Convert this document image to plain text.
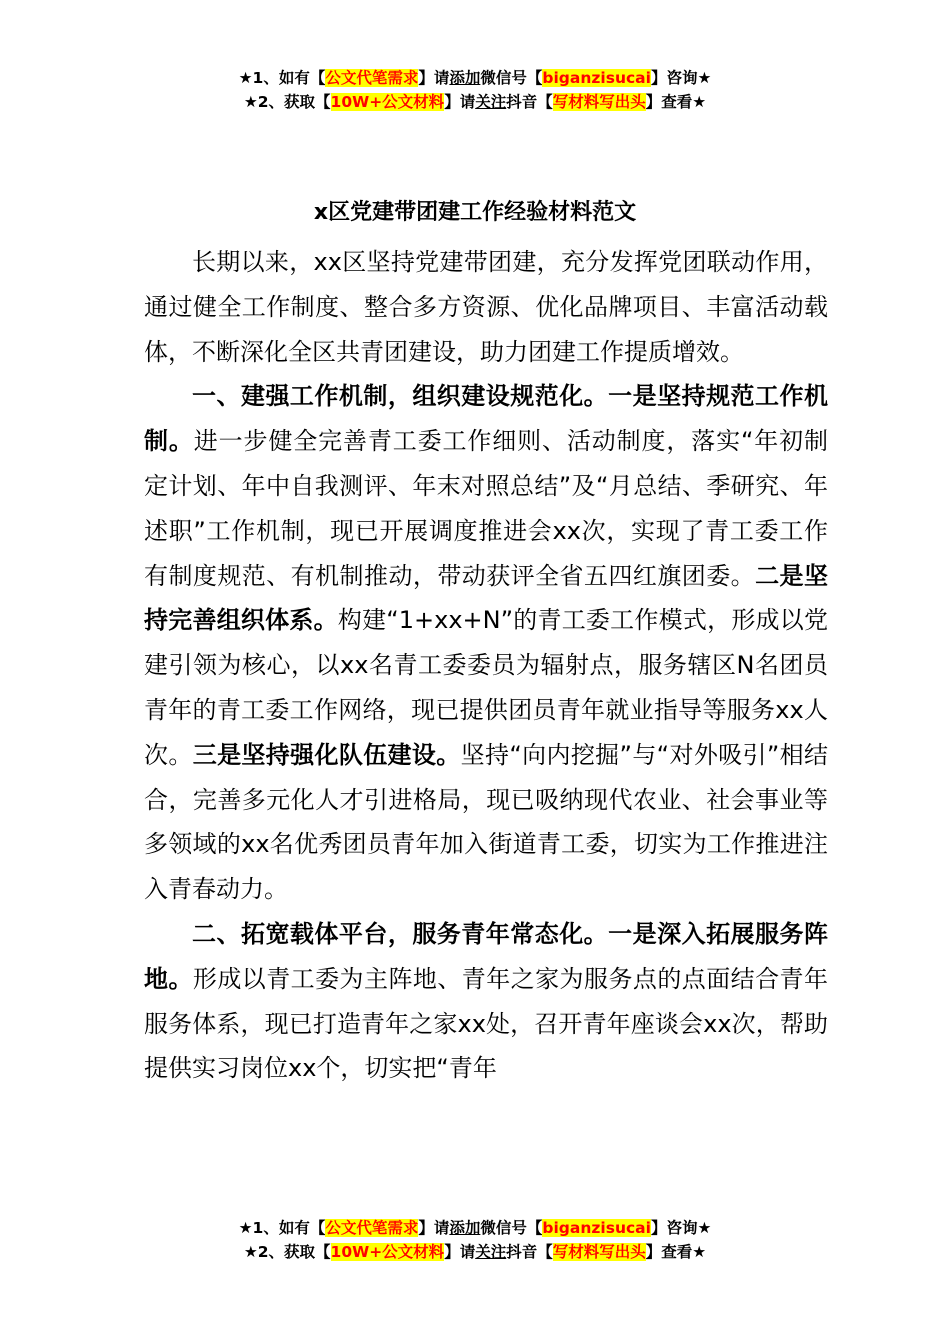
★1、如有【公文代笔需求】请添加微信号【biganzisucai】咨询★
★2、获取【10W+公文材料】请关注抖音【写材料写出头】查看★
x区党建带团建工作经验材料范文

长期以来，xx区坚持党建带团建，充分发挥党团联动作用，通过健全工作制度、整合多方资源、优化品牌项目、丰富活动载体，不断深化全区共青团建设，助力团建工作提质增效。

一、建强工作机制，组织建设规范化。一是坚持规范工作机制。进一步健全完善青工委工作细则、活动制度，落实“年初制定计划、年中自我测评、年末对照总结”及“月总结、季研究、年述职”工作机制，现已开展调度推进会xx次，实现了青工委工作有制度规范、有机制推动，带动获评全省五四红旗团委。二是坚持完善组织体系。构建“1+xx+N”的青工委工作模式，形成以党建引领为核心，以xx名青工委委员为辐射点，服务辖区N名团员青年的青工委工作网络，现已提供团员青年就业指导等服务xx人次。三是坚持强化队伍建设。坚持“向内挖掘”与“对外吸引”相结合，完善多元化人才引进格局，现已吸纳现代农业、社会事业等多领域的xx名优秀团员青年加入街道青工委，切实为工作推进注入青春动力。

二、拓宽载体平台，服务青年常态化。一是深入拓展服务阵地。形成以青工委为主阵地、青年之家为服务点的点面结合青年服务体系，现已打造青年之家xx处，召开青年座谈会xx次，帮助提供实习岗位xx个，切实把“青年

★1、如有【公文代笔需求】请添加微信号【biganzisucai】咨询★
★2、获取【10W+公文材料】请关注抖音【写材料写出头】查看★
